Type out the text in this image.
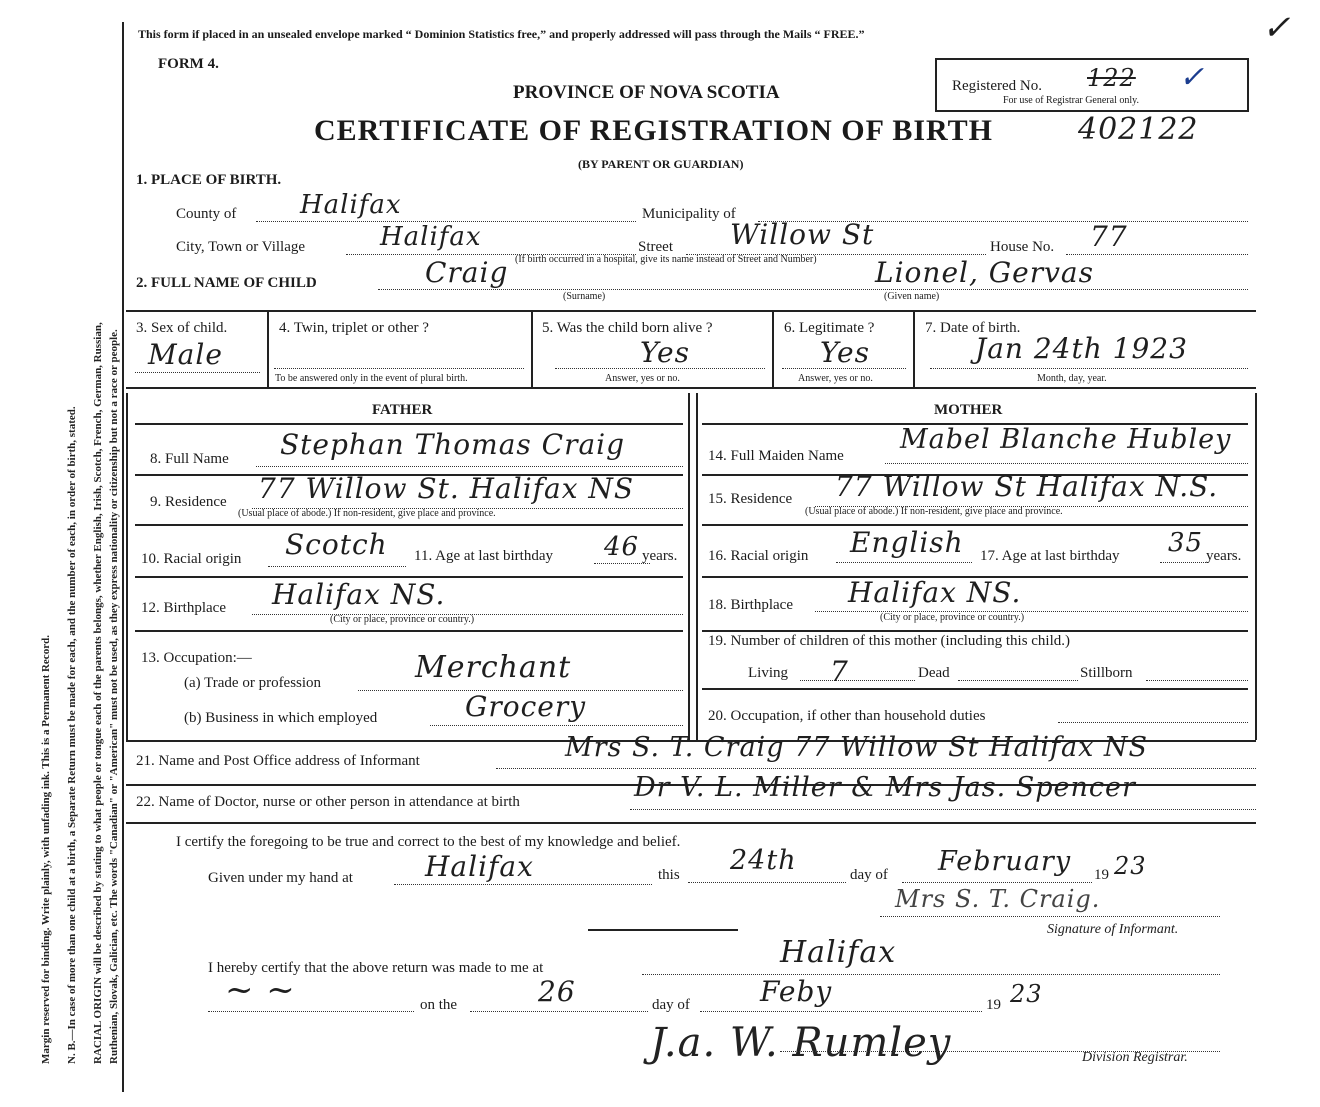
Margin reserved for binding. Write plainly, with unfading ink. This is a Permanent Record. N. B.—In case of more than one child at a birth, a Separate Return must be made for each, and the number of each, in order of birth, stated. RACIAL ORIGIN will be described by stating to what people or tongue each of the parents belongs, whether English, Irish, Scotch, French, German, Russian, Ruthenian, Slovak, Galician, etc. The words "Canadian" or "American" must not be used, as they express nationality or citizenship but not a race or people.
This form if placed in an unsealed envelope marked “ Dominion Statistics free,” and properly addressed will pass through the Mails “ FREE.”	✓
FORM 4.
PROVINCE OF NOVA SCOTIA
CERTIFICATE OF REGISTRATION OF BIRTH	402122
(BY PARENT OR GUARDIAN)
Registered No. 122 ✓
For use of Registrar General only.
1. PLACE OF BIRTH.
County of Halifax	Municipality of
City, Town or Village	Halifax	Street Willow St
(If birth occurred in a hospital, give its name instead of Street and Number)
House No. 77
2. FULL NAME OF CHILD	Craig
(Surname)
Lionel, Gervas
(Given name)
3. Sex of child.
Male
4. Twin, triplet or other ?
To be answered only in the event of plural birth.
5. Was the child born alive ?
Yes
Answer, yes or no.
6. Legitimate ?
Yes
Answer, yes or no.
7. Date of birth.
Jan 24th 1923
Month, day, year.
FATHER	MOTHER
8. Full Name Stephan Thomas Craig
9. Residence 77 Willow St. Halifax NS
(Usual place of abode.) If non-resident, give place and province.
10. Racial origin Scotch 11. Age at last birthday 46 years.
12. Birthplace Halifax NS.
(City or place, province or country.)
13. Occupation:—
(a) Trade or profession	Merchant
(b) Business in which employed	Grocery
14. Full Maiden Name
Mabel Blanche Hubley
15. Residence 77 Willow St Halifax N.S.
(Usual place of abode.) If non-resident, give place and province.
16. Racial origin English 17. Age at last birthday 35 years.
18. Birthplace Halifax NS.
(City or place, province or country.)
19. Number of children of this mother (including this child.)
Living 7	Dead	Stillborn
20. Occupation, if other than household duties
21. Name and Post Office address of Informant	Mrs S. T. Craig 77 Willow St Halifax NS
22. Name of Doctor, nurse or other person in attendance at birth	Dr V. L. Miller & Mrs Jas. Spencer
I certify the foregoing to be true and correct to the best of my knowledge and belief.
Given under my hand at	Halifax	this 24th	day of February 19 23
Mrs S. T. Craig.
Signature of Informant.
I hereby certify that the above return was made to me at	Halifax
~ ~	on the	26	day of	Feby	19 23
J.a. W. Rumley	Division Registrar.
